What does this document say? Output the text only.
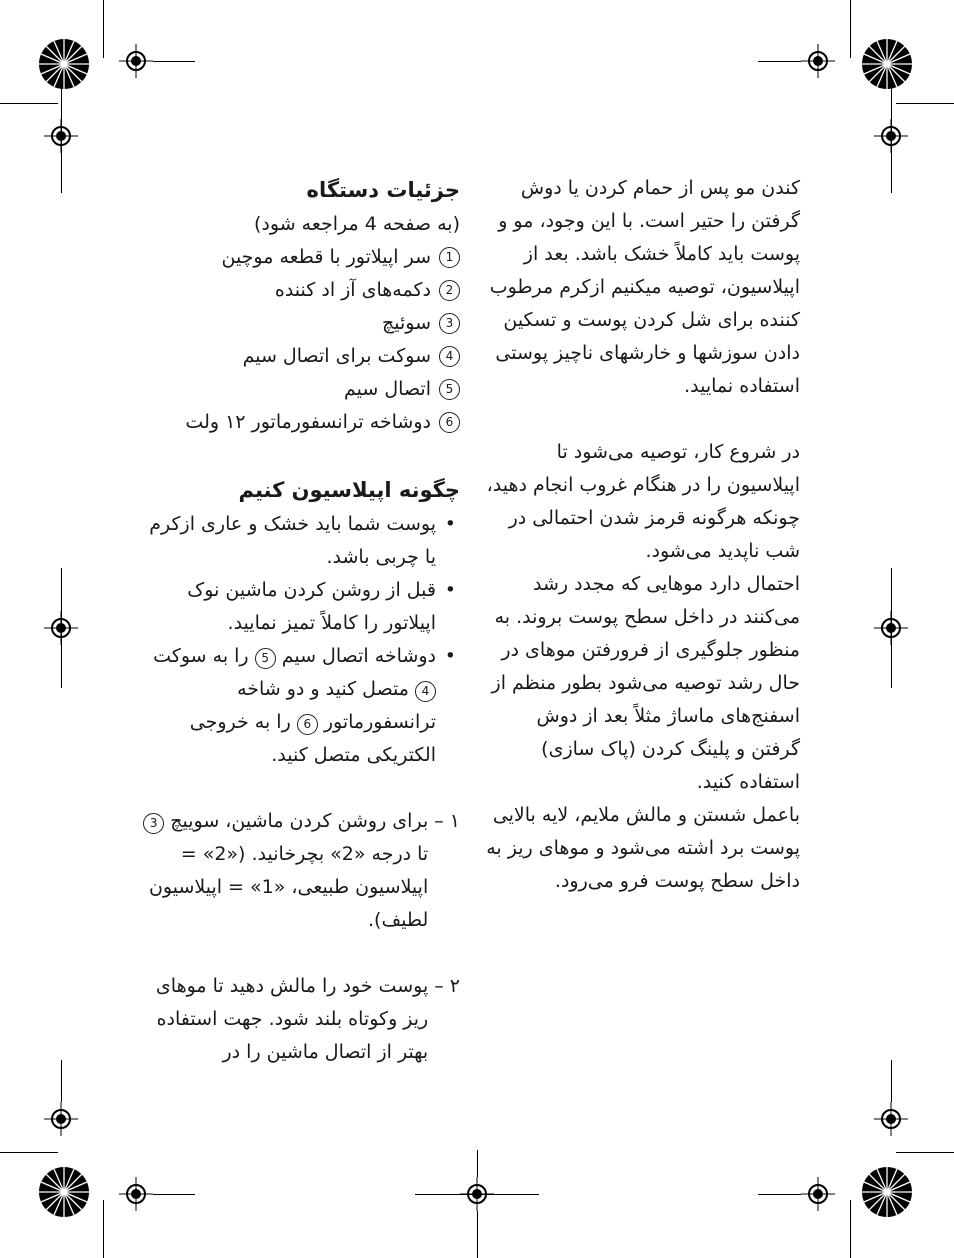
کندن مو پس از حمام کردن یا دوش گرفتن را حتیر است. با این وجود، مو و پوست باید کاملاً خشک باشد. بعد از اپیلاسیون، توصیه میکنیم ازکرم مرطوب کننده برای شل کردن پوست و تسکین دادن سوزشها و خارشهای ناچیز پوستی استفاده نمایید.

در شروع کار، توصیه می‌شود تا اپیلاسیون را در هنگام غروب انجام دهید، چونکه هرگونه قرمز شدن احتمالی در شب ناپدید می‌شود.

احتمال دارد موهایی که مجدد رشد می‌کنند در داخل سطح پوست بروند. به منظور جلوگیری از فرورفتن موهای در حال رشد توصیه می‌شود بطور منظم از اسفنج‌های ماساژ مثلاً بعد از دوش گرفتن و پلینگ کردن (پاک سازی) استفاده کنید.

باعمل شستن و مالش ملایم، لایه بالایی پوست برد اشته می‌شود و موهای ریز به داخل سطح پوست فرو می‌رود.

جزئیات دستگاه

(به صفحه 4 مراجعه شود)

1
سر اپیلاتور با قطعه موچین
2
دکمه‌های آز اد کننده
3
سوئیچ
4
سوکت برای اتصال سیم
5
اتصال سیم
6
دوشاخه ترانسفورماتور ۱۲ ولت
چگونه اپیلاسیون کنیم
• پوست شما باید خشک و عاری ازکرم یا چربی باشد.
• قبل از روشن کردن ماشین نوک اپیلاتور را کاملاً تمیز نمایید.
• دوشاخه اتصال سیم 5 را به سوکت 4 متصل کنید و دو شاخه ترانسفورماتور 6 را به خروجی الکتریکی متصل کنید.
۱ –
برای روشن کردن ماشین، سوییچ 3 تا درجه «2» بچرخانید. («2» = اپیلاسیون طبیعی، «1» = اپیلاسیون لطیف).
۲ –
پوست خود را مالش دهید تا موهای ریز وکوتاه بلند شود. جهت استفاده بهتر از اتصال ماشین را در
